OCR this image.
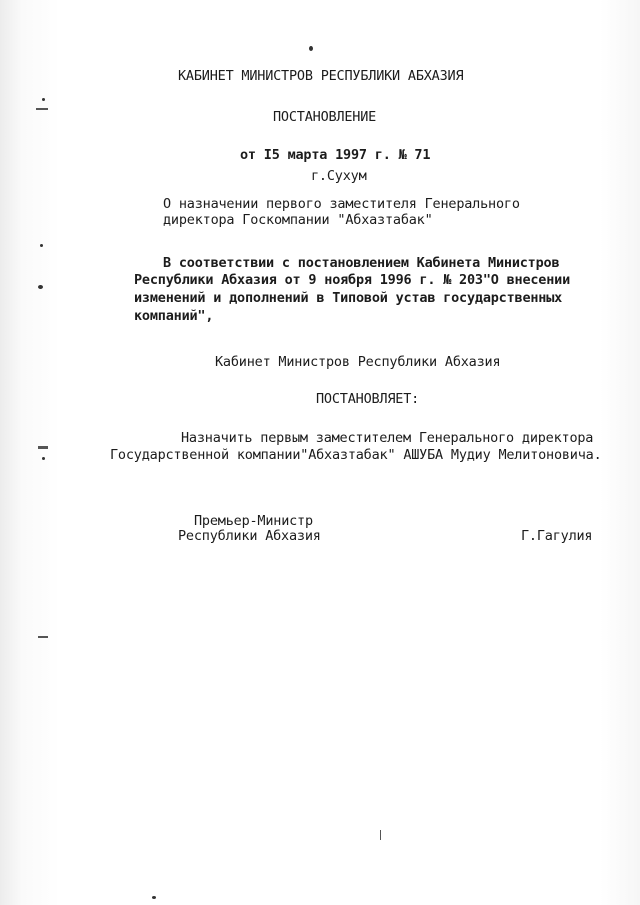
КАБИНЕТ МИНИСТРОВ РЕСПУБЛИКИ АБХАЗИЯ
ПОСТАНОВЛЕНИЕ
от I5 марта 1997 г. № 71
г.Сухум
О назначении первого заместителя Генерального
директора Госкомпании "Абхазтабак"
В соответствии с постановлением Кабинета Министров
Республики Абхазия от 9 ноября 1996 г. № 203"О внесении
изменений и дополнений в Типовой устав государственных
компаний",
Кабинет Министров Республики Абхазия
ПОСТАНОВЛЯЕТ:
Назначить первым заместителем Генерального директора
Государственной компании"Абхазтабак" АШУБА Мудиу Мелитоновича.
Премьер-Министр
Республики Абхазия	Г.Гагулия
